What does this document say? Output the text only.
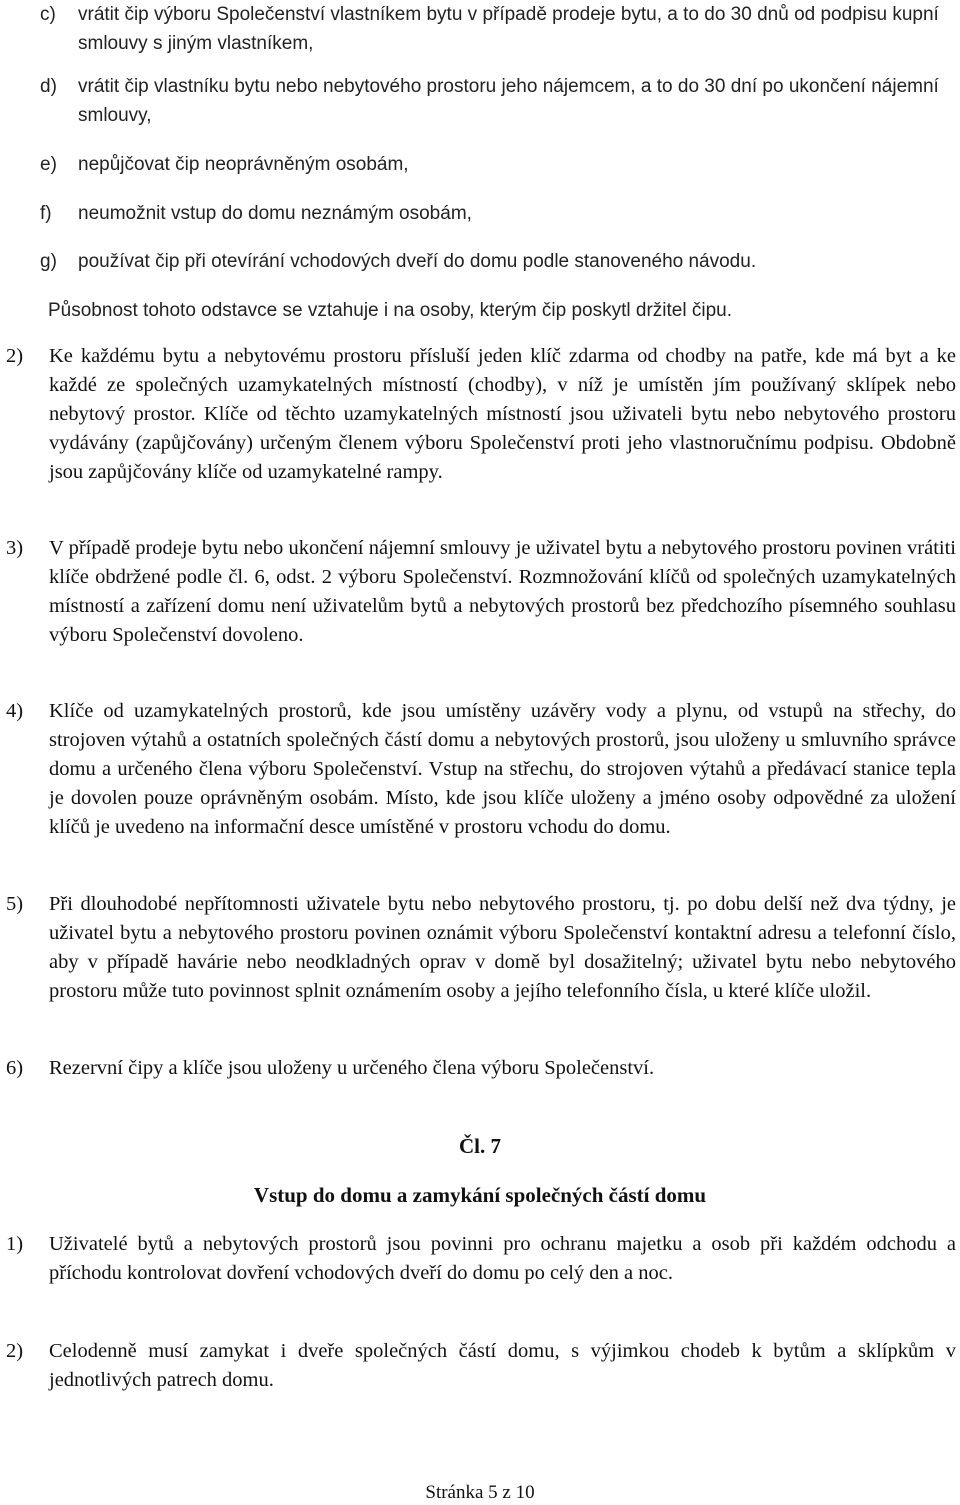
c) vrátit čip výboru Společenství vlastníkem bytu v případě prodeje bytu, a to do 30 dnů od podpisu kupní smlouvy s jiným vlastníkem,
d) vrátit čip vlastníku bytu nebo nebytového prostoru jeho nájemcem, a to do 30 dní po ukončení nájemní smlouvy,
e) nepůjčovat čip neoprávněným osobám,
f) neumožnit vstup do domu neznámým osobám,
g) používat čip při otevírání vchodových dveří do domu podle stanoveného návodu.
Působnost tohoto odstavce se vztahuje i na osoby, kterým čip poskytl držitel čipu.
2) Ke každému bytu a nebytovému prostoru přísluší jeden klíč zdarma od chodby na patře, kde má byt a ke každé ze společných uzamykatelných místností (chodby), v níž je umístěn jím používaný sklípek nebo nebytový prostor. Klíče od těchto uzamykatelných místností jsou uživateli bytu nebo nebytového prostoru vydávány (zapůjčovány) určeným členem výboru Společenství proti jeho vlastnoručnímu podpisu. Obdobně jsou zapůjčovány klíče od uzamykatelné rampy.
3) V případě prodeje bytu nebo ukončení nájemní smlouvy je uživatel bytu a nebytového prostoru povinen vrátiti klíče obdržené podle čl. 6, odst. 2 výboru Společenství. Rozmnožování klíčů od společných uzamykatelných místností a zařízení domu není uživatelům bytů a nebytových prostorů bez předchozího písemného souhlasu výboru Společenství dovoleno.
4) Klíče od uzamykatelných prostorů, kde jsou umístěny uzávěry vody a plynu, od vstupů na střechy, do strojoven výtahů a ostatních společných částí domu a nebytových prostorů, jsou uloženy u smluvního správce domu a určeného člena výboru Společenství. Vstup na střechu, do strojoven výtahů a předávací stanice tepla je dovolen pouze oprávněným osobám. Místo, kde jsou klíče uloženy a jméno osoby odpovědné za uložení klíčů je uvedeno na informační desce umístěné v prostoru vchodu do domu.
5) Při dlouhodobé nepřítomnosti uživatele bytu nebo nebytového prostoru, tj. po dobu delší než dva týdny, je uživatel bytu a nebytového prostoru povinen oznámit výboru Společenství kontaktní adresu a telefonní číslo, aby v případě havárie nebo neodkladných oprav v domě byl dosažitelný; uživatel bytu nebo nebytového prostoru může tuto povinnost splnit oznámením osoby a jejího telefonního čísla, u které klíče uložil.
6) Rezervní čipy a klíče jsou uloženy u určeného člena výboru Společenství.
Čl. 7
Vstup do domu a zamykání společných částí domu
1) Uživatelé bytů a nebytových prostorů jsou povinni pro ochranu majetku a osob při každém odchodu a příchodu kontrolovat dovření vchodových dveří do domu po celý den a noc.
2) Celodenně musí zamykat i dveře společných částí domu, s výjimkou chodeb k bytům a sklípkům v jednotlivých patrech domu.
Stránka 5 z 10
